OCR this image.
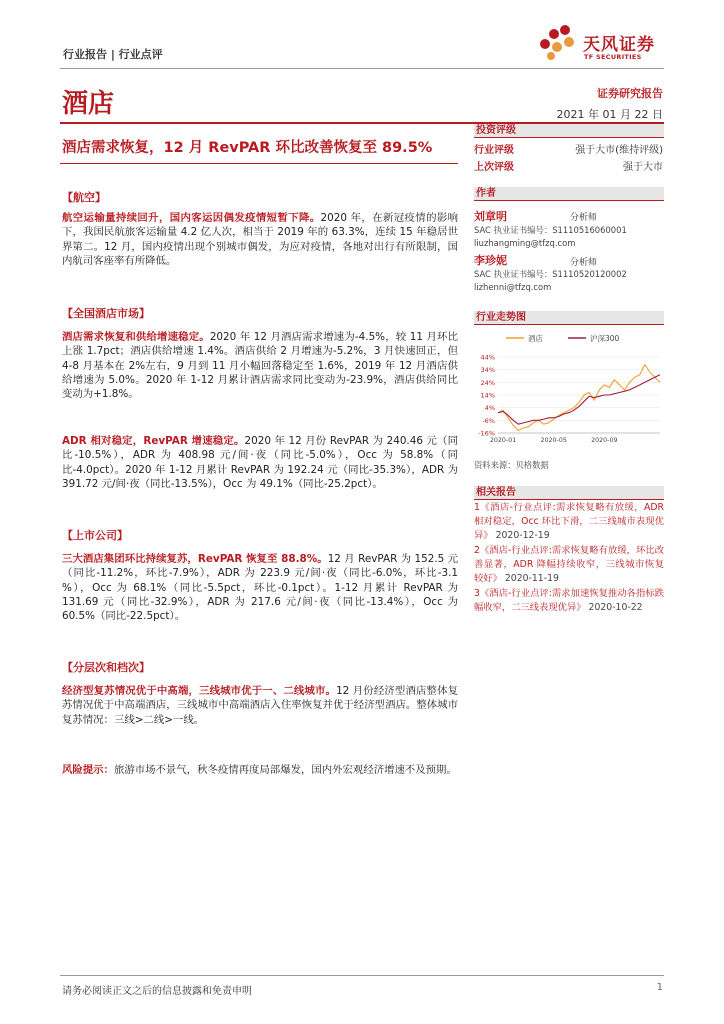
行业报告 | 行业点评	天风证券
TF SECURITIES
酒店	证券研究报告
2021 年 01 月 22 日
酒店需求恢复，12 月 RevPAR 环比改善恢复至 89.5%
【航空】
航空运输量持续回升，国内客运因偶发疫情短暂下降。2020 年，在新冠疫情的影响下，我国民航旅客运输量 4.2 亿人次，相当于 2019 年的 63.3%，连续 15 年稳居世界第二。12 月，国内疫情出现个别城市偶发，为应对疫情，各地对出行有所限制，国内航司客座率有所降低。
【全国酒店市场】
酒店需求恢复和供给增速稳定。2020 年 12 月酒店需求增速为-4.5%，较 11 月环比上涨 1.7pct；酒店供给增速 1.4%。酒店供给 2 月增速为-5.2%，3 月快速回正，但 4-8 月基本在 2%左右，9 月到 11 月小幅回落稳定至 1.6%，2019 年 12 月酒店供给增速为 5.0%。2020 年 1-12 月累计酒店需求同比变动为-23.9%，酒店供给同比变动为+1.8%。
ADR 相对稳定，RevPAR 增速稳定。2020 年 12 月份 RevPAR 为 240.46 元（同比-10.5%），ADR 为 408.98 元/间·夜（同比-5.0%），Occ 为 58.8%（同比-4.0pct）。2020 年 1-12 月累计 RevPAR 为 192.24 元（同比-35.3%），ADR 为 391.72 元/间·夜（同比-13.5%），Occ 为 49.1%（同比-25.2pct）。
【上市公司】
三大酒店集团环比持续复苏，RevPAR 恢复至 88.8%。12 月 RevPAR 为 152.5 元（同比-11.2%，环比-7.9%），ADR 为 223.9 元/间·夜（同比-6.0%，环比-3.1 %），Occ 为 68.1%（同比-5.5pct，环比-0.1pct）。1-12 月累计 RevPAR 为 131.69 元（同比-32.9%），ADR 为 217.6 元/间·夜（同比-13.4%），Occ 为 60.5%（同比-22.5pct）。
【分层次和档次】
经济型复苏情况优于中高端，三线城市优于一、二线城市。12 月份经济型酒店整体复苏情况优于中高端酒店，三线城市中高端酒店入住率恢复并优于经济型酒店。整体城市复苏情况：三线>二线>一线。
风险提示：旅游市场不景气，秋冬疫情再度局部爆发，国内外宏观经济增速不及预期。
投资评级
行业评级	强于大市(维持评级)
上次评级	强于大市
作者
刘章明	分析师
SAC 执业证书编号：S1110516060001
liuzhangming@tfzq.com
李珍妮	分析师
SAC 执业证书编号：S1110520120002
lizhenni@tfzq.com
行业走势图
酒店	沪深300
44%
34%
24%
14%
4%
-6%
-16%
2020-01	2020-05	2020-09
资料来源：贝格数据
相关报告
1《酒店-行业点评:需求恢复略有放缓，ADR 相对稳定，Occ 环比下滑，二三线城市表现优异》 2020-12-19
2《酒店-行业点评:需求恢复略有放缓，环比改善显著，ADR 降幅持续收窄，三线城市恢复较好》 2020-11-19
3《酒店-行业点评:需求加速恢复推动各指标跌幅收窄，二三线表现优异》 2020-10-22
请务必阅读正文之后的信息披露和免责申明	1
